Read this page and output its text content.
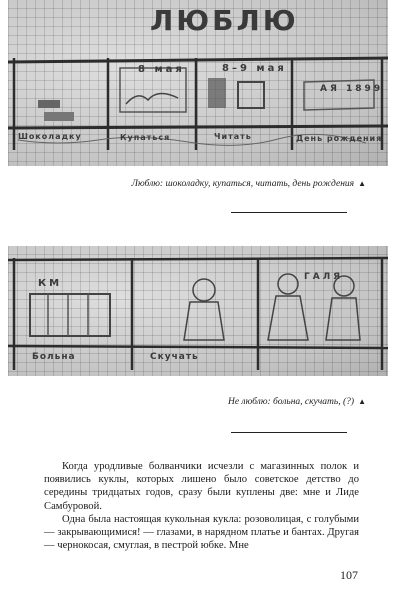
ЛЮБЛЮ
8 мая	8–9 мая
Шоколадку	Купаться	Читать	День рождения
АЯ 1899
Люблю: шоколадку, купаться, читать, день рождения ▲
КМ
ГАЛЯ
Больна	Скучать
Не люблю: больна, скучать, (?) ▲

Когда уродливые болванчики исчезли с магазинных полок и появились куклы, которых лишено было советское детство до середины тридцатых годов, сразу были куплены две: мне и Лиде Самбуровой.

Одна была настоящая кукольная кукла: розоволицая, с голубыми — закрывающимися! — глазами, в нарядном платье и бантах. Другая — чернокосая, смуглая, в пестрой юбке. Мне

107
